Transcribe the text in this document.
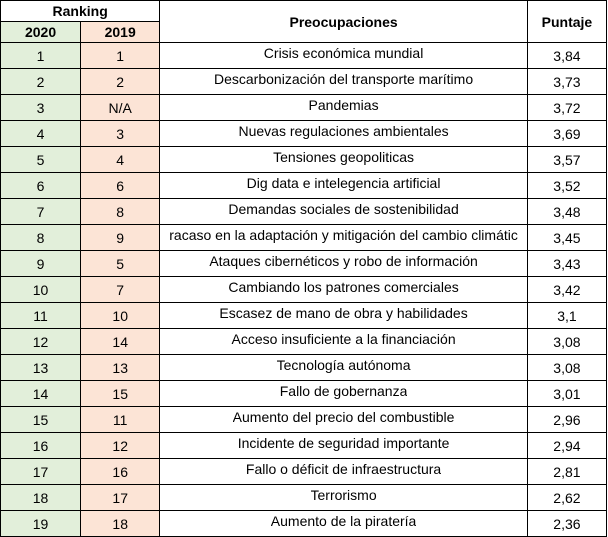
Ranking		Preocupaciones	Puntaje
2020	2019		
1	1	Crisis económica mundial	3,84
2	2	Descarbonización del transporte marítimo	3,73
3	N/A	Pandemias	3,72
4	3	Nuevas regulaciones ambientales	3,69
5	4	Tensiones geopoliticas	3,57
6	6	Dig data e intelegencia artificial	3,52
7	8	Demandas sociales de sostenibilidad	3,48
8	9	racaso en la adaptación y mitigación del cambio climátic	3,45
9	5	Ataques cibernéticos y robo de información	3,43
10	7	Cambiando los patrones comerciales	3,42
11	10	Escasez de mano de obra y habilidades	3,1
12	14	Acceso insuficiente a la financiación	3,08
13	13	Tecnología autónoma	3,08
14	15	Fallo de gobernanza	3,01
15	11	Aumento del precio del combustible	2,96
16	12	Incidente de seguridad importante	2,94
17	16	Fallo o déficit de infraestructura	2,81
18	17	Terrorismo	2,62
19	18	Aumento de la piratería	2,36
